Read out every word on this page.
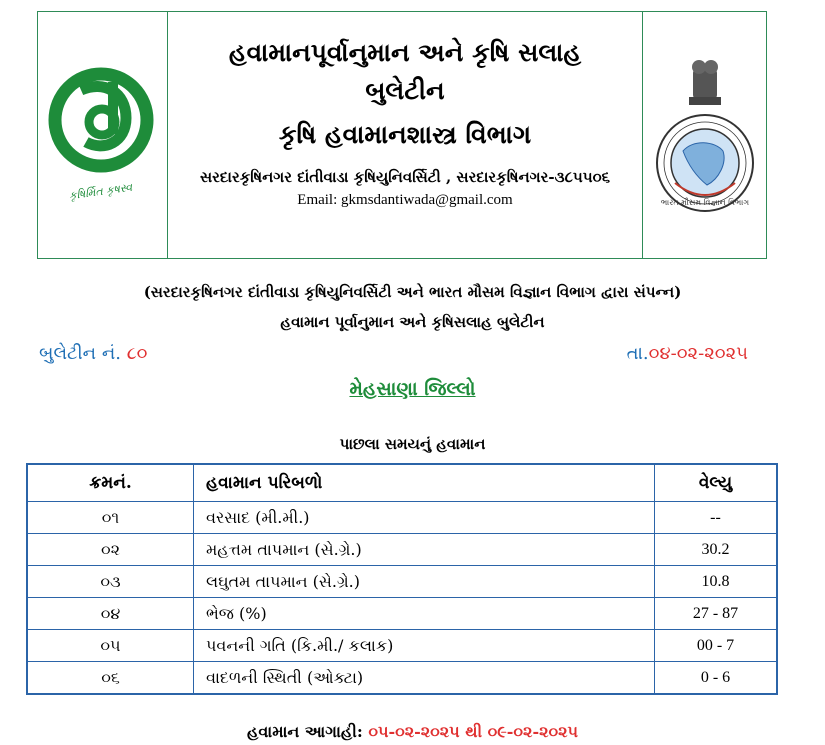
કૃષિર્મિત કૃષસ્વ
હવામાનપૂર્વાનુમાન અને કૃષિ સલાહ
બુલેટીન
કૃષિ હવામાનશાસ્ત્ર વિભાગ
સરદારકૃષિનગર દાંતીવાડા કૃષિયુનિવર્સિટી , સરદારકૃષિનગર-૩૮૫૫૦૬
Email: gkmsdantiwada@gmail.com	ભારત મૌસમ વિજ્ઞાન વિભાગ
(સરદારકૃષિનગર દાંતીવાડા કૃષિયુનિવર્સિટી અને ભારત મૌસમ વિજ્ઞાન વિભાગ દ્વારા સંપન્ન)
હવામાન પૂર્વાનુમાન અને કૃષિસલાહ બુલેટીન
બુલેટીન નં. ૮૦	તા.૦૪-૦૨-૨૦૨૫
મેહસાણા જિલ્લો
પાછલા સમયનું હવામાન
ક્રમનં.	હવામાન પરિબળો	વેલ્યુ
૦૧	વરસાદ (મી.મી.)	--
૦૨	મહત્તમ તાપમાન (સે.ગ્રે.)	30.2
૦૩	લઘુતમ તાપમાન (સે.ગ્રે.)	10.8
૦૪	ભેજ (%)	27 - 87
૦૫	પવનની ગતિ (કિ.મી./ કલાક)	00 - 7
૦૬	વાદળની સ્થિતી (ઓક્ટા)	0 - 6
હવામાન આગાહી: ૦૫-૦૨-૨૦૨૫ થી ૦૯-૦૨-૨૦૨૫
